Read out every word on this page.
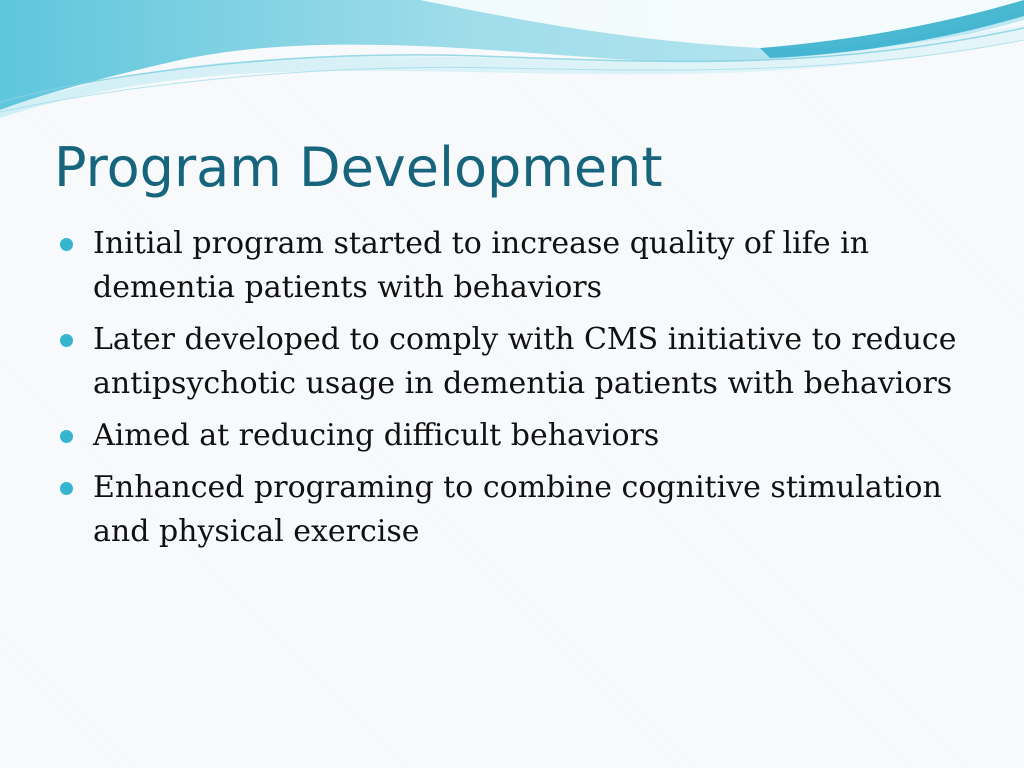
Program Development
Initial program started to increase quality of life in dementia patients with behaviors
Later developed to comply with CMS initiative to reduce antipsychotic usage in dementia patients with behaviors
Aimed at reducing difficult behaviors
Enhanced programing to combine cognitive stimulation and physical exercise
